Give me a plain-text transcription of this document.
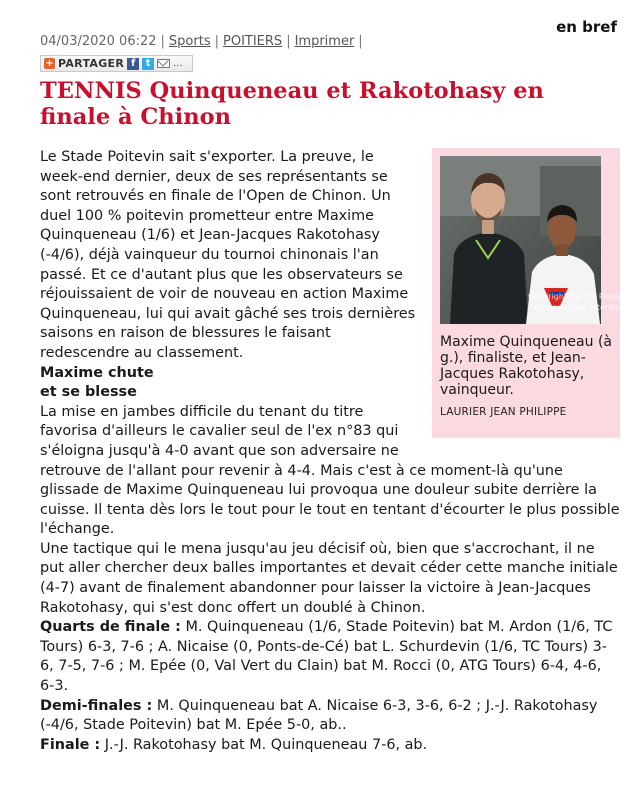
en bref
04/03/2020 06:22 | Sports | POITIERS | Imprimer |
+ PARTAGER f	t	...
TENNIS Quinqueneau et Rakotohasy en finale à Chinon
Copyright Centre Presse
Reproduction interdite
Maxime Quinqueneau (à g.), finaliste, et Jean-Jacques Rakotohasy, vainqueur.
LAURIER JEAN PHILIPPE

Le Stade Poitevin sait s'exporter. La preuve, le week-end dernier, deux de ses représentants se sont retrouvés en finale de l'Open de Chinon. Un duel 100 % poitevin prometteur entre Maxime Quinqueneau (1/6) et Jean-Jacques Rakotohasy (-4/6), déjà vainqueur du tournoi chinonais l'an passé. Et ce d'autant plus que les observateurs se réjouissaient de voir de nouveau en action Maxime Quinqueneau, lui qui avait gâché ses trois dernières saisons en raison de blessures le faisant redescendre au classement.

Maxime chute

et se blesse

La mise en jambes difficile du tenant du titre favorisa d'ailleurs le cavalier seul de l'ex n°83 qui s'éloigna jusqu'à 4-0 avant que son adversaire ne retrouve de l'allant pour revenir à 4-4. Mais c'est à ce moment-là qu'une glissade de Maxime Quinqueneau lui provoqua une douleur subite derrière la cuisse. Il tenta dès lors le tout pour le tout en tentant d'écourter le plus possible l'échange.

Une tactique qui le mena jusqu'au jeu décisif où, bien que s'accrochant, il ne put aller chercher deux balles importantes et devait céder cette manche initiale (4-7) avant de finalement abandonner pour laisser la victoire à Jean-Jacques Rakotohasy, qui s'est donc offert un doublé à Chinon.

Quarts de finale : M. Quinqueneau (1/6, Stade Poitevin) bat M. Ardon (1/6, TC Tours) 6-3, 7-6 ; A. Nicaise (0, Ponts-de-Cé) bat L. Schurdevin (1/6, TC Tours) 3-6, 7-5, 7-6 ; M. Epée (0, Val Vert du Clain) bat M. Rocci (0, ATG Tours) 6-4, 4-6, 6-3.

Demi-finales : M. Quinqueneau bat A. Nicaise 6-3, 3-6, 6-2 ; J.-J. Rakotohasy (-4/6, Stade Poitevin) bat M. Epée 5-0, ab..

Finale : J.-J. Rakotohasy bat M. Quinqueneau 7-6, ab.
